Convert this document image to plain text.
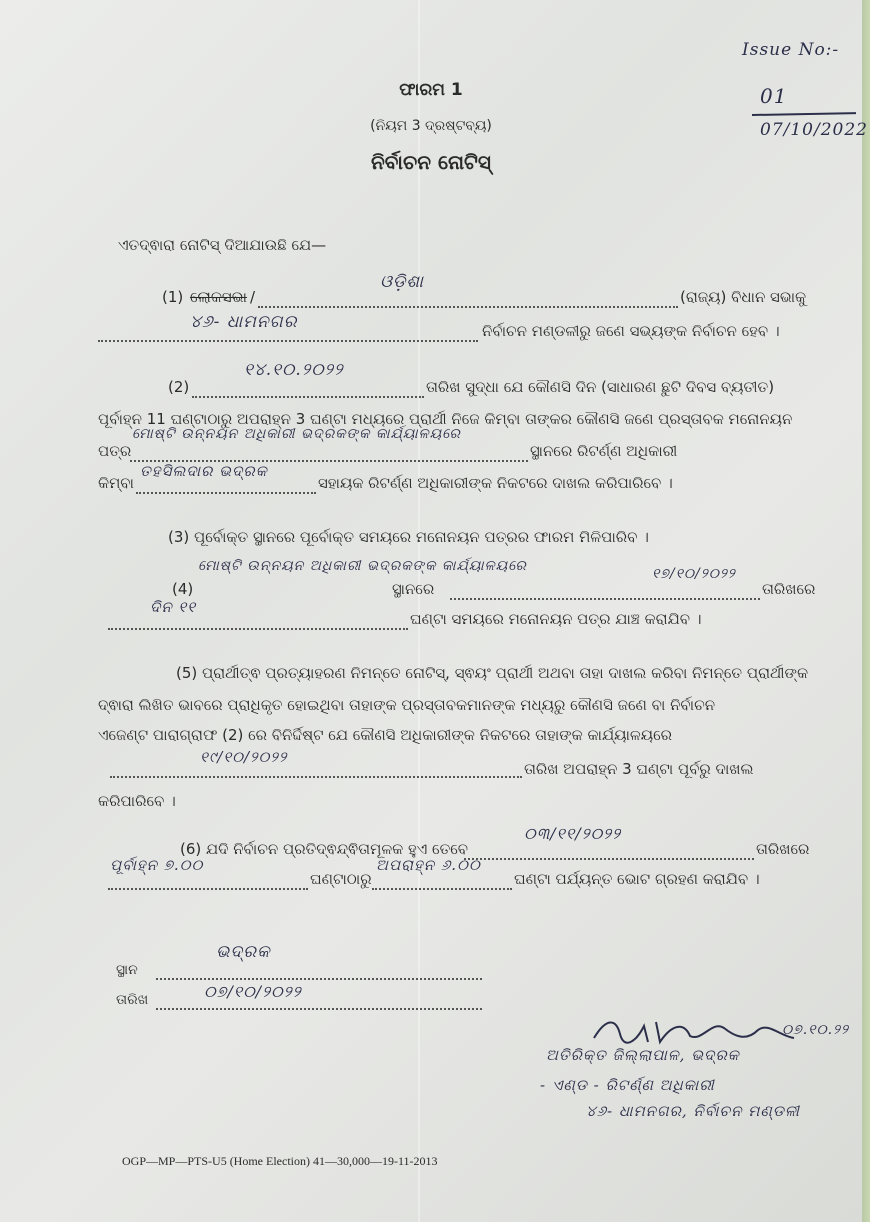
Issue No:-
01
07/10/2022
ଫାରମ 1
(ନିୟମ 3 ଦ୍ରଷ୍ଟବ୍ୟ)
ନିର୍ବାଚନ ନୋଟିସ୍
ଏତଦ୍ଵାରା ନୋଟିସ୍ ଦିଆଯାଉଛି ଯେ—
(1) ଲୋକସଭା /
ଓଡ଼ିଶା
(ରାଜ୍ୟ) ବିଧାନ ସଭାକୁ
୪୬- ଧାମନଗର	ନିର୍ବାଚନ ମଣ୍ଡଳୀରୁ ଜଣେ ସଭ୍ୟଙ୍କ ନିର୍ବାଚନ ହେବ ।
(2)
୧୪.୧୦.୨୦୨୨
ତାରିଖ ସୁଦ୍ଧା ଯେ କୌଣସି ଦିନ (ସାଧାରଣ ଛୁଟି ଦିବସ ବ୍ୟତୀତ)
ପୂର୍ବାହ୍ନ 11 ଘଣ୍ଟାଠାରୁ ଅପରାହ୍ନ 3 ଘଣ୍ଟା ମଧ୍ୟରେ ପ୍ରାର୍ଥୀ ନିଜେ କିମ୍ବା ତାଙ୍କର କୌଣସି ଜଣେ ପ୍ରସ୍ତାବକ ମନୋନୟନ
ପତ୍ର
ମୋଷ୍ଟି ଉନ୍ନୟନ ଅଧିକାରୀ ଭଦ୍ରକଙ୍କ କାର୍ଯ୍ୟାଳୟରେ
ସ୍ଥାନରେ ରିଟର୍ଣ୍ଣ ଅଧିକାରୀ
କିମ୍ବା
ତହସିଲଦାର ଭଦ୍ରକ
ସହାୟକ ରିଟର୍ଣ୍ଣ ଅଧିକାରୀଙ୍କ ନିକଟରେ ଦାଖଲ କରିପାରିବେ ।
(3) ପୂର୍ବୋକ୍ତ ସ୍ଥାନରେ ପୂର୍ବୋକ୍ତ ସମୟରେ ମନୋନୟନ ପତ୍ରର ଫାରମ ମିଳିପାରିବ ।
(4)
ମୋଷ୍ଟି ଉନ୍ନୟନ ଅଧିକାରୀ ଭଦ୍ରକଙ୍କ କାର୍ଯ୍ୟାଳୟରେ
ସ୍ଥାନରେ
୧୭/୧୦/୨୦୨୨
ତାରିଖରେ
ଦିନ ୧୧
ଘଣ୍ଟା ସମୟରେ ମନୋନୟନ ପତ୍ର ଯାଞ୍ଚ କରାଯିବ ।
(5) ପ୍ରାର୍ଥୀତ୍ଵ ପ୍ରତ୍ୟାହରଣ ନିମନ୍ତେ ନୋଟିସ୍, ସ୍ଵୟଂ ପ୍ରାର୍ଥୀ ଅଥବା ତାହା ଦାଖଲ କରିବା ନିମନ୍ତେ ପ୍ରାର୍ଥୀଙ୍କ
ଦ୍ଵାରା ଲିଖିତ ଭାବରେ ପ୍ରାଧିକୃତ ହୋଇଥିବା ତାହାଙ୍କ ପ୍ରସ୍ତାବକମାନଙ୍କ ମଧ୍ୟରୁ କୌଣସି ଜଣେ ବା ନିର୍ବାଚନ
ଏଜେଣ୍ଟ ପାରାଗ୍ରାଫ (2) ରେ ବିନିର୍ଦ୍ଦିଷ୍ଟ ଯେ କୌଣସି ଅଧିକାରୀଙ୍କ ନିକଟରେ ତାହାଙ୍କ କାର୍ଯ୍ୟାଳୟରେ
୧୯/୧୦/୨୦୨୨
ତାରିଖ ଅପରାହ୍ନ 3 ଘଣ୍ଟା ପୂର୍ବରୁ ଦାଖଲ
କରିପାରିବେ ।
(6) ଯଦି ନିର୍ବାଚନ ପ୍ରତିଦ୍ଵନ୍ଦ୍ଵିତାମୂଳକ ହୁଏ ତେବେ
୦୩/୧୧/୨୦୨୨
ତାରିଖରେ
ପୂର୍ବାହ୍ନ ୭.୦୦
ଘଣ୍ଟାଠାରୁ
ଅପରାହ୍ନ ୬.୦୦
ଘଣ୍ଟା ପର୍ଯ୍ୟନ୍ତ ଭୋଟ ଗ୍ରହଣ କରାଯିବ ।
ସ୍ଥାନ
ଭଦ୍ରକ
ତାରିଖ	୦୭/୧୦/୨୦୨୨
୦୭.୧୦.୨୨
ଅତିରିକ୍ତ ଜିଲ୍ଲାପାଳ, ଭଦ୍ରକ
- ଏଣ୍ଡ - ରିଟର୍ଣ୍ଣ ଅଧିକାରୀ
୪୬- ଧାମନଗର, ନିର୍ବାଚନ ମଣ୍ଡଳୀ
OGP—MP—PTS-U5 (Home Election) 41—30,000—19-11-2013
